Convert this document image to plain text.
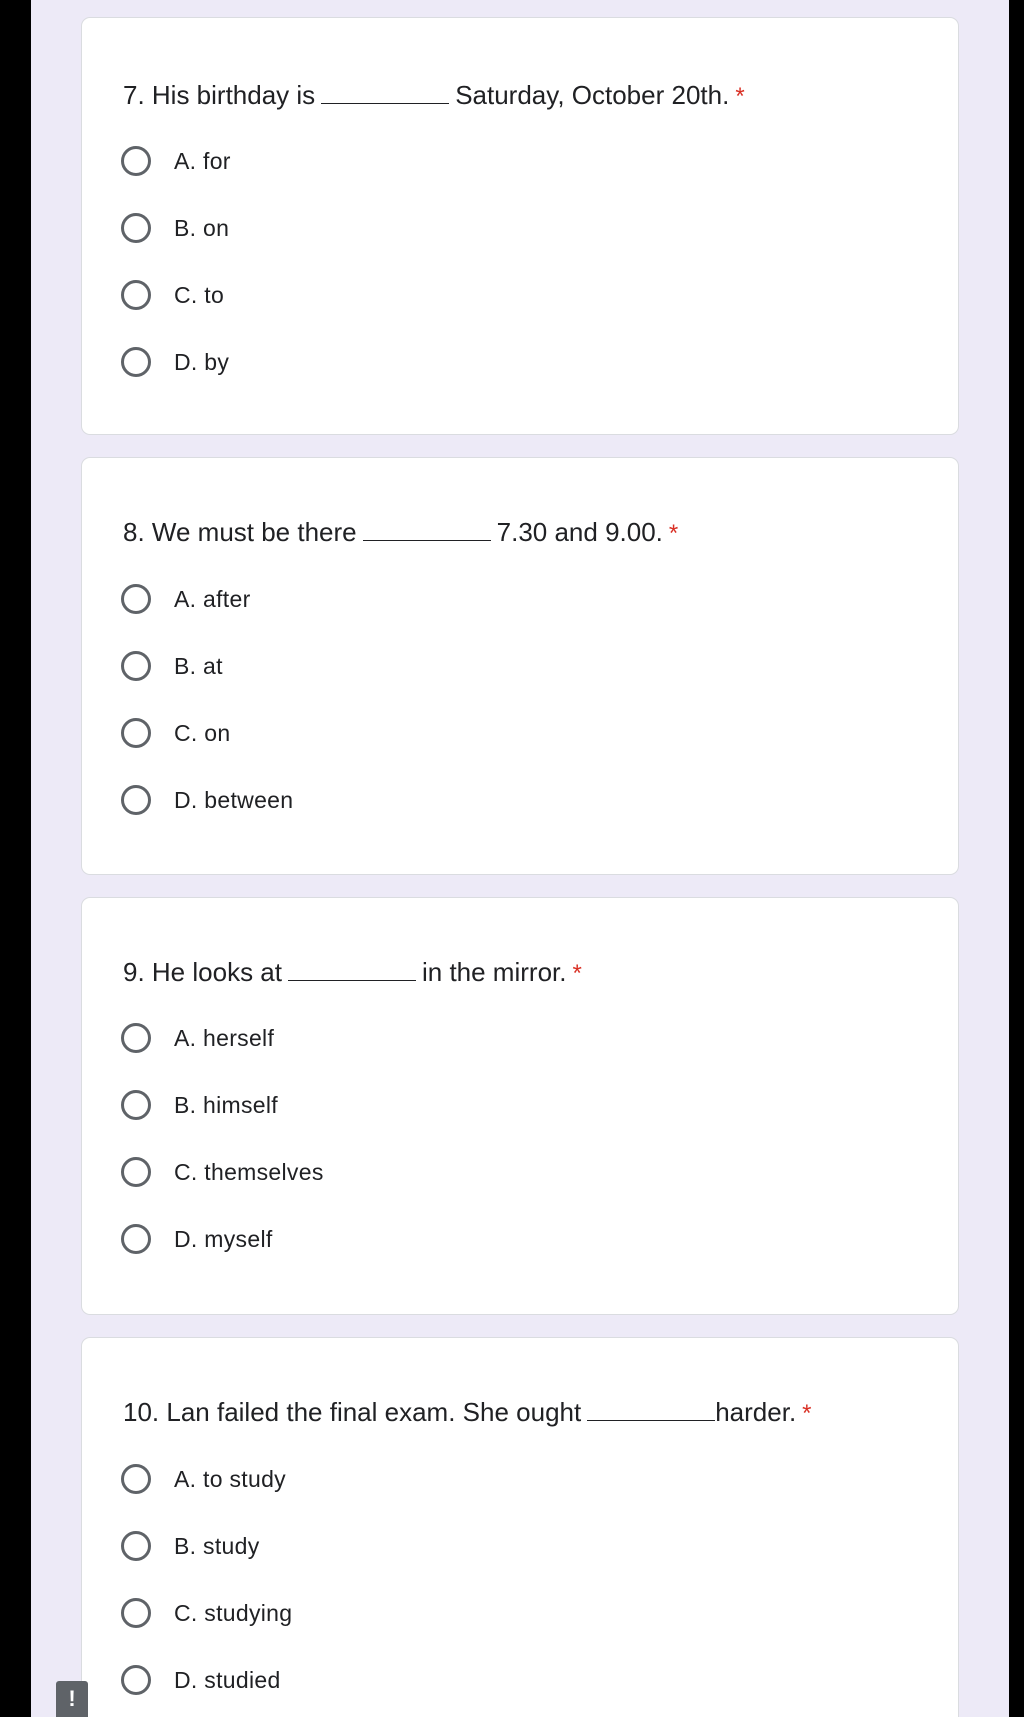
7. His birthday is	Saturday, October 20th. *
A. for
B. on
C. to
D. by
8. We must be there	7.30 and 9.00. *
A. after
B. at
C. on
D. between
9. He looks at	in the mirror. *
A. herself
B. himself
C. themselves
D. myself
10. Lan failed the final exam. She ought	harder. *
A. to study
B. study
C. studying
D. studied
!
